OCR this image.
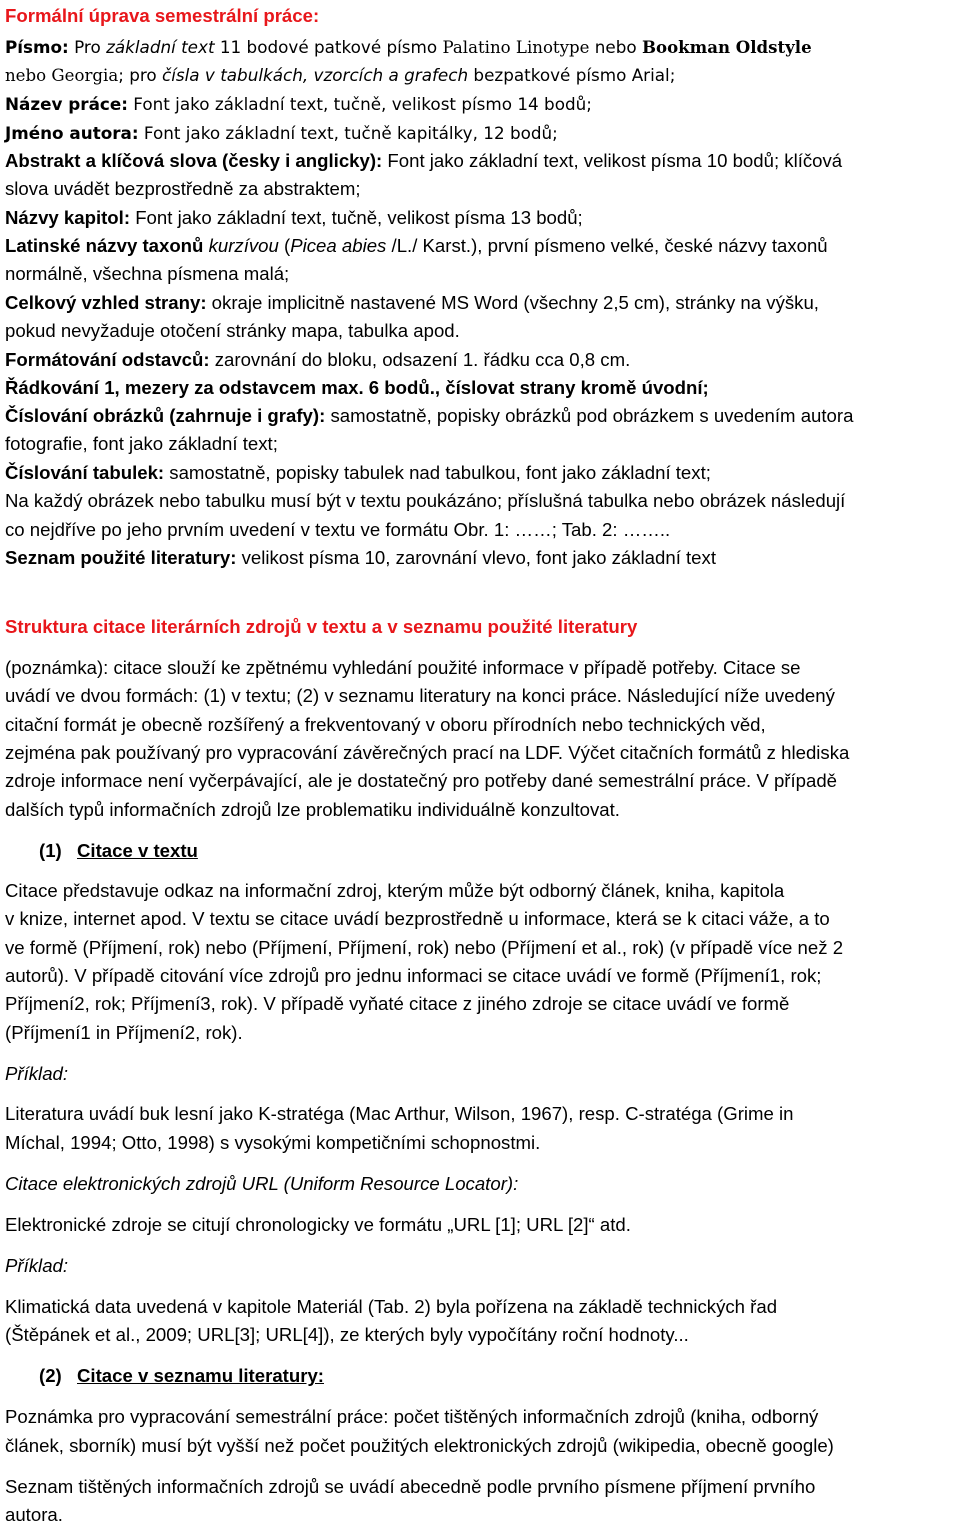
Formální úprava semestrální práce:
Písmo: Pro základní text 11 bodové patkové písmo Palatino Linotype nebo Bookman Oldstyle
nebo Georgia; pro čísla v tabulkách, vzorcích a grafech bezpatkové písmo Arial;
Název práce: Font jako základní text, tučně, velikost písmo 14 bodů;
Jméno autora: Font jako základní text, tučně kapitálky, 12 bodů;
Abstrakt a klíčová slova (česky i anglicky): Font jako základní text, velikost písma 10 bodů; klíčová
slova uvádět bezprostředně za abstraktem;
Názvy kapitol: Font jako základní text, tučně, velikost písma 13 bodů;
Latinské názvy taxonů kurzívou (Picea abies /L./ Karst.), první písmeno velké, české názvy taxonů
normálně, všechna písmena malá;
Celkový vzhled strany: okraje implicitně nastavené MS Word (všechny 2,5 cm), stránky na výšku,
pokud nevyžaduje otočení stránky mapa, tabulka apod.
Formátování odstavců: zarovnání do bloku, odsazení 1. řádku cca 0,8 cm.
Řádkování 1, mezery za odstavcem max. 6 bodů., číslovat strany kromě úvodní;
Číslování obrázků (zahrnuje i grafy): samostatně, popisky obrázků pod obrázkem s uvedením autora
fotografie, font jako základní text;
Číslování tabulek: samostatně, popisky tabulek nad tabulkou, font jako základní text;
Na každý obrázek nebo tabulku musí být v textu poukázáno; příslušná tabulka nebo obrázek následují
co nejdříve po jeho prvním uvedení v textu ve formátu Obr. 1: ……; Tab. 2: ……..
Seznam použité literatury: velikost písma 10, zarovnání vlevo, font jako základní text
Struktura citace literárních zdrojů v textu a v seznamu použité literatury
(poznámka): citace slouží ke zpětnému vyhledání použité informace v případě potřeby. Citace se
uvádí ve dvou formách: (1) v textu; (2) v seznamu literatury na konci práce. Následující níže uvedený
citační formát je obecně rozšířený a frekventovaný v oboru přírodních nebo technických věd,
zejména pak používaný pro vypracování závěrečných prací na LDF. Výčet citačních formátů z hlediska
zdroje informace není vyčerpávající, ale je dostatečný pro potřeby dané semestrální práce. V případě
dalších typů informačních zdrojů lze problematiku individuálně konzultovat.
(1) Citace v textu
Citace představuje odkaz na informační zdroj, kterým může být odborný článek, kniha, kapitola
v knize, internet apod. V textu se citace uvádí bezprostředně u informace, která se k citaci váže, a to
ve formě (Příjmení, rok) nebo (Příjmení, Příjmení, rok) nebo (Příjmení et al., rok) (v případě více než 2
autorů). V případě citování více zdrojů pro jednu informaci se citace uvádí ve formě (Příjmení1, rok;
Příjmení2, rok; Příjmení3, rok). V případě vyňaté citace z jiného zdroje se citace uvádí ve formě
(Příjmení1 in Příjmení2, rok).
Příklad:
Literatura uvádí buk lesní jako K-stratéga (Mac Arthur, Wilson, 1967), resp. C-stratéga (Grime in
Míchal, 1994; Otto, 1998) s vysokými kompetičními schopnostmi.
Citace elektronických zdrojů URL (Uniform Resource Locator):
Elektronické zdroje se citují chronologicky ve formátu „URL [1]; URL [2]“ atd.
Příklad:
Klimatická data uvedená v kapitole Materiál (Tab. 2) byla pořízena na základě technických řad
(Štěpánek et al., 2009; URL[3]; URL[4]), ze kterých byly vypočítány roční hodnoty...
(2) Citace v seznamu literatury:
Poznámka pro vypracování semestrální práce: počet tištěných informačních zdrojů (kniha, odborný
článek, sborník) musí být vyšší než počet použitých elektronických zdrojů (wikipedia, obecně google)
Seznam tištěných informačních zdrojů se uvádí abecedně podle prvního písmene příjmení prvního
autora.
